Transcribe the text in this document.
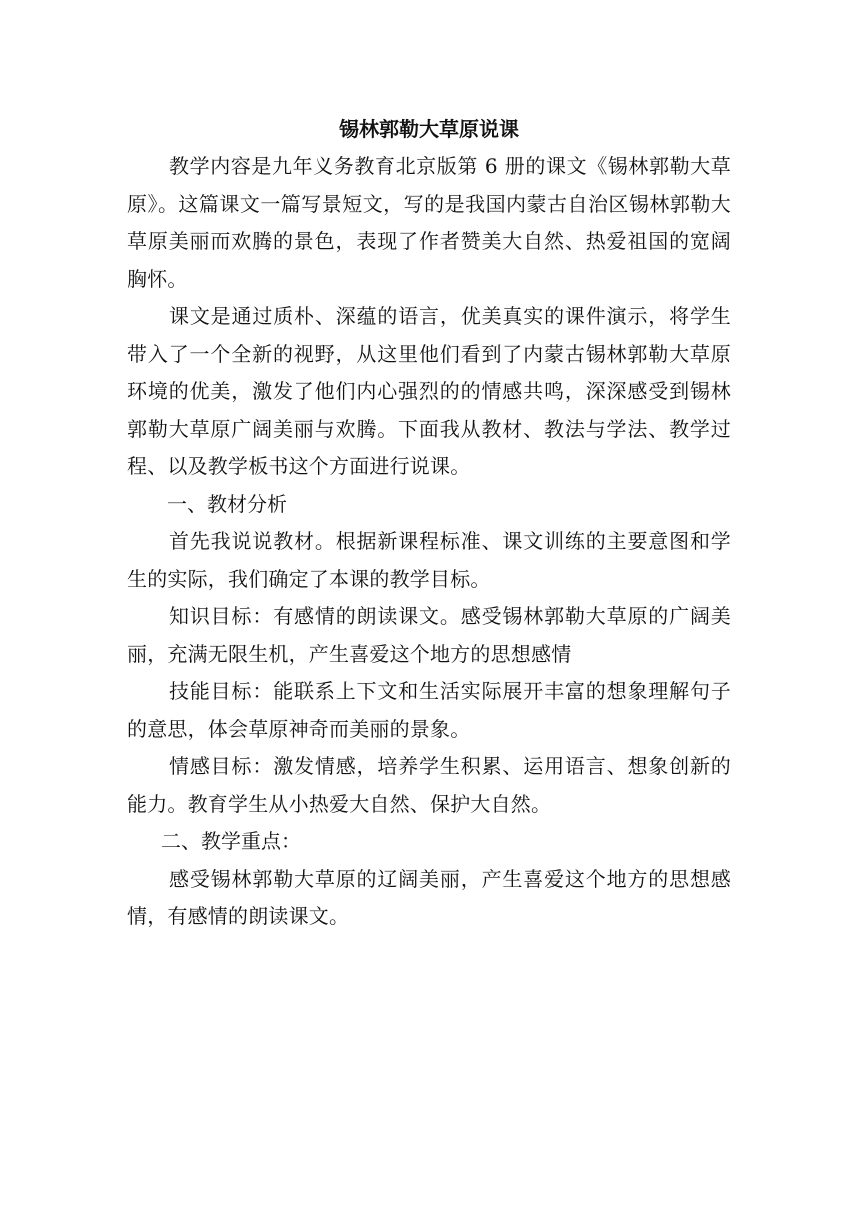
锡林郭勒大草原说课

教学内容是九年义务教育北京版第 6 册的课文《锡林郭勒大草原》。这篇课文一篇写景短文，写的是我国内蒙古自治区锡林郭勒大草原美丽而欢腾的景色，表现了作者赞美大自然、热爱祖国的宽阔胸怀。

课文是通过质朴、深蕴的语言，优美真实的课件演示，将学生带入了一个全新的视野，从这里他们看到了内蒙古锡林郭勒大草原环境的优美，激发了他们内心强烈的的情感共鸣，深深感受到锡林郭勒大草原广阔美丽与欢腾。下面我从教材、教法与学法、教学过程、以及教学板书这个方面进行说课。

一、教材分析

首先我说说教材。根据新课程标准、课文训练的主要意图和学生的实际，我们确定了本课的教学目标。

知识目标：有感情的朗读课文。感受锡林郭勒大草原的广阔美丽，充满无限生机，产生喜爱这个地方的思想感情

技能目标：能联系上下文和生活实际展开丰富的想象理解句子的意思，体会草原神奇而美丽的景象。

情感目标：激发情感，培养学生积累、运用语言、想象创新的能力。教育学生从小热爱大自然、保护大自然。

二、教学重点：

感受锡林郭勒大草原的辽阔美丽，产生喜爱这个地方的思想感情，有感情的朗读课文。
